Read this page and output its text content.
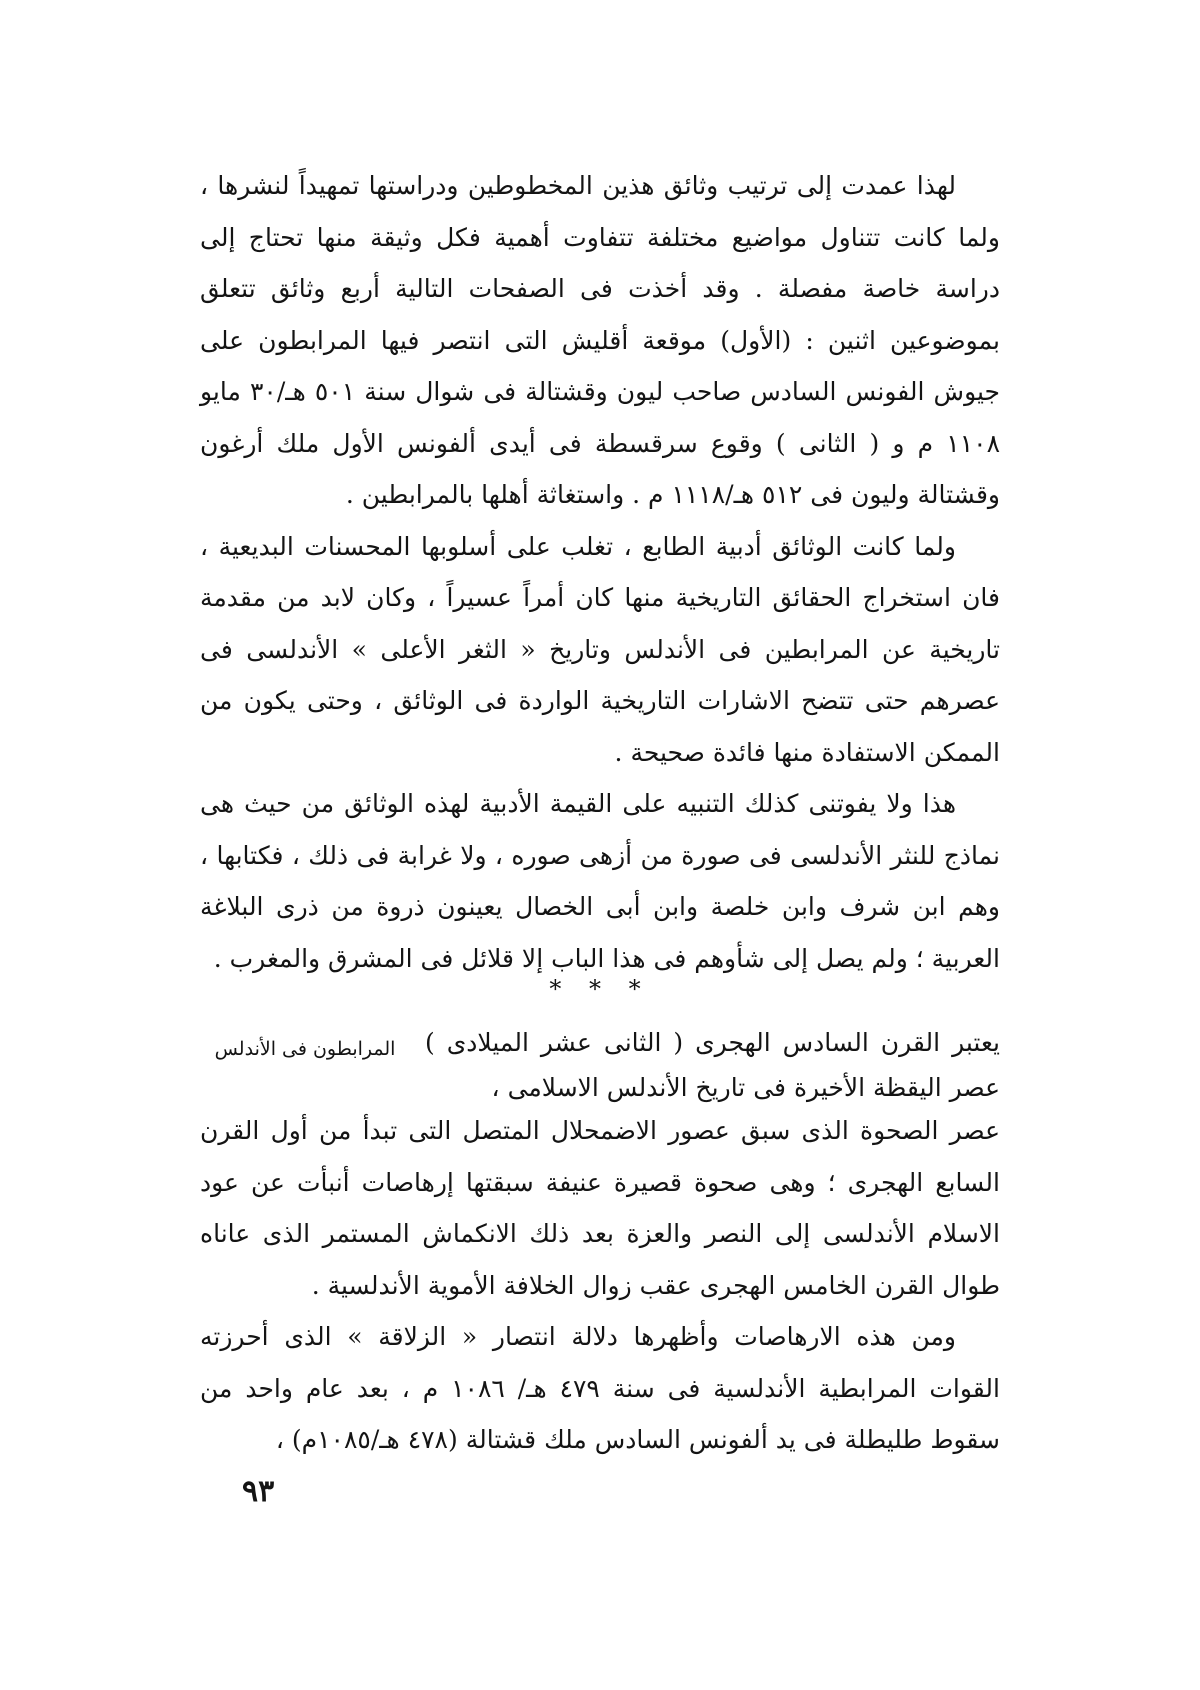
لهذا عمدت إلى ترتيب وثائق هذين المخطوطين ودراستها تمهيداً لنشرها ، ولما كانت تتناول مواضيع مختلفة تتفاوت أهمية فكل وثيقة منها تحتاج إلى دراسة خاصة مفصلة . وقد أخذت فى الصفحات التالية أربع وثائق تتعلق بموضوعين اثنين : (الأول) موقعة أقليش التى انتصر فيها المرابطون على جيوش الفونس السادس صاحب ليون وقشتالة فى شوال سنة ٥٠١ هـ/٣٠ مايو ١١٠٨ م و ( الثانى ) وقوع سرقسطة فى أيدى ألفونس الأول ملك أرغون وقشتالة وليون فى ٥١٢ هـ/١١١٨ م . واستغاثة أهلها بالمرابطين .

ولما كانت الوثائق أدبية الطابع ، تغلب على أسلوبها المحسنات البديعية ، فان استخراج الحقائق التاريخية منها كان أمراً عسيراً ، وكان لابد من مقدمة تاريخية عن المرابطين فى الأندلس وتاريخ « الثغر الأعلى » الأندلسى فى عصرهم حتى تتضح الاشارات التاريخية الواردة فى الوثائق ، وحتى يكون من الممكن الاستفادة منها فائدة صحيحة .

هذا ولا يفوتنى كذلك التنبيه على القيمة الأدبية لهذه الوثائق من حيث هى نماذج للنثر الأندلسى فى صورة من أزهى صوره ، ولا غرابة فى ذلك ، فكتابها ، وهم ابن شرف وابن خلصة وابن أبى الخصال يعينون ذروة من ذرى البلاغة العربية ؛ ولم يصل إلى شأوهم فى هذا الباب إلا قلائل فى المشرق والمغرب .

* * *
يعتبر القرن السادس الهجرى ( الثانى عشر الميلادى ) عصر اليقظة الأخيرة فى تاريخ الأندلس الاسلامى ،
المرابطون فى الأندلس

عصر الصحوة الذى سبق عصور الاضمحلال المتصل التى تبدأ من أول القرن السابع الهجرى ؛ وهى صحوة قصيرة عنيفة سبقتها إرهاصات أنبأت عن عود الاسلام الأندلسى إلى النصر والعزة بعد ذلك الانكماش المستمر الذى عاناه طوال القرن الخامس الهجرى عقب زوال الخلافة الأموية الأندلسية .

ومن هذه الارهاصات وأظهرها دلالة انتصار « الزلاقة » الذى أحرزته القوات المرابطية الأندلسية فى سنة ٤٧٩ هـ/ ١٠٨٦ م ، بعد عام واحد من سقوط طليطلة فى يد ألفونس السادس ملك قشتالة (٤٧٨ هـ/١٠٨٥م) ،

٩٣
